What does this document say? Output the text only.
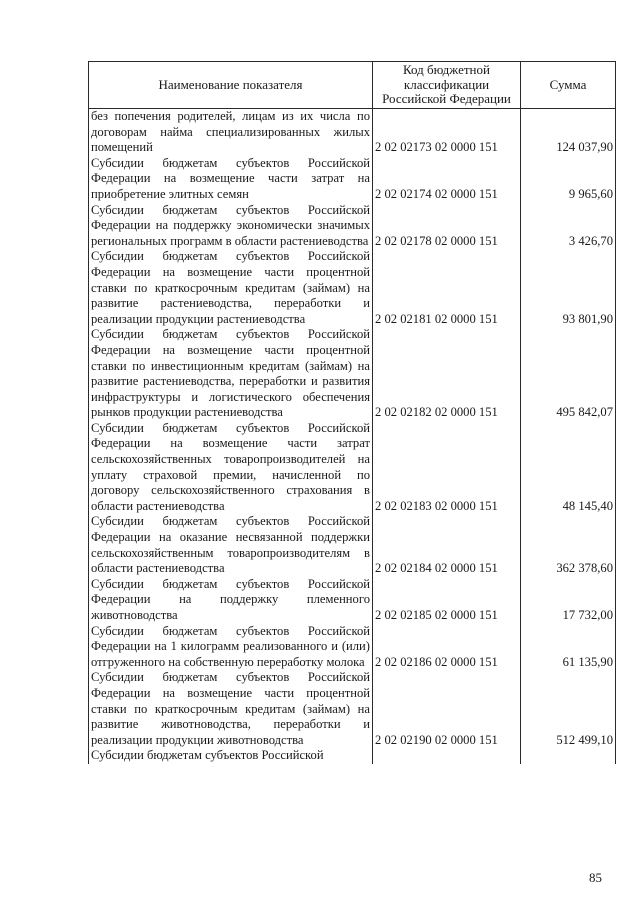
Наименование показателя	Код бюджетной классификации Российской Федерации	Сумма
без попечения родителей, лицам из их числа по договорам найма специализированных жилых помещений	2 02 02173 02 0000 151	124 037,90
Субсидии бюджетам субъектов Российской Федерации на возмещение части затрат на приобретение элитных семян	2 02 02174 02 0000 151	9 965,60
Субсидии бюджетам субъектов Российской Федерации на поддержку экономически значимых региональных программ в области растениеводства	2 02 02178 02 0000 151	3 426,70
Субсидии бюджетам субъектов Российской Федерации на возмещение части процентной ставки по краткосрочным кредитам (займам) на развитие растениеводства, переработки и реализации продукции растениеводства	2 02 02181 02 0000 151	93 801,90
Субсидии бюджетам субъектов Российской Федерации на возмещение части процентной ставки по инвестиционным кредитам (займам) на развитие растениеводства, переработки и развития инфраструктуры и логистического обеспечения рынков продукции растениеводства	2 02 02182 02 0000 151	495 842,07
Субсидии бюджетам субъектов Российской Федерации на возмещение части затрат сельскохозяйственных товаропроизводителей на уплату страховой премии, начисленной по договору сельскохозяйственного страхования в области растениеводства	2 02 02183 02 0000 151	48 145,40
Субсидии бюджетам субъектов Российской Федерации на оказание несвязанной поддержки сельскохозяйственным товаропроизводителям в области растениеводства	2 02 02184 02 0000 151	362 378,60
Субсидии бюджетам субъектов Российской Федерации на поддержку племенного животноводства	2 02 02185 02 0000 151	17 732,00
Субсидии бюджетам субъектов Российской Федерации на 1 килограмм реализованного и (или) отгруженного на собственную переработку молока	2 02 02186 02 0000 151	61 135,90
Субсидии бюджетам субъектов Российской Федерации на возмещение части процентной ставки по краткосрочным кредитам (займам) на развитие животноводства, переработки и реализации продукции животноводства	2 02 02190 02 0000 151	512 499,10
Субсидии бюджетам субъектов Российской		
85
